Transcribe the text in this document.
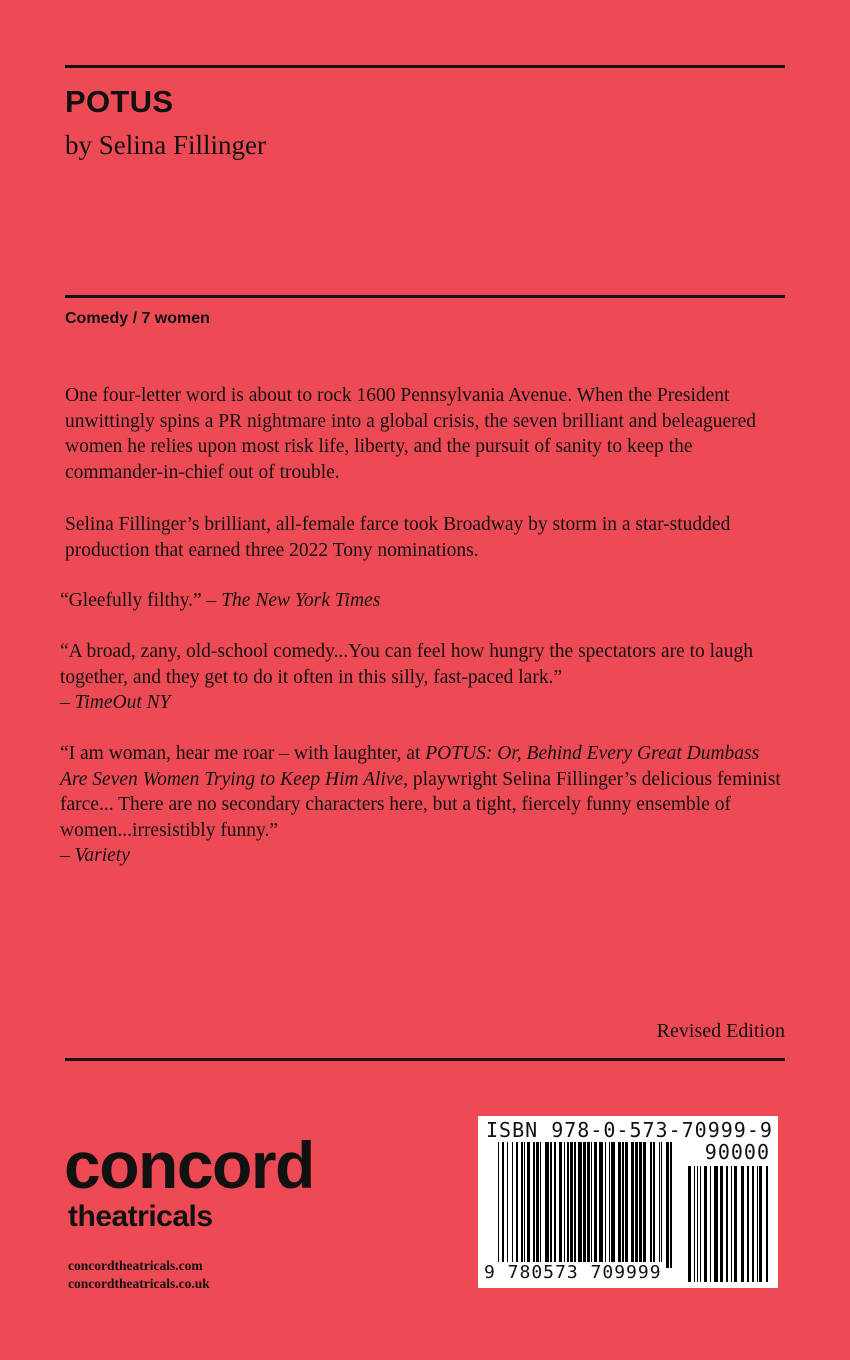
POTUS
by Selina Fillinger
Comedy / 7 women

One four-letter word is about to rock 1600 Pennsylvania Avenue. When the President unwittingly spins a PR nightmare into a global crisis, the seven brilliant and beleaguered women he relies upon most risk life, liberty, and the pursuit of sanity to keep the commander-in-chief out of trouble.

Selina Fillinger’s brilliant, all-female farce took Broadway by storm in a star-studded production that earned three 2022 Tony nominations.

“Gleefully filthy.” – The New York Times

“A broad, zany, old-school comedy...You can feel how hungry the spectators are to laugh together, and they get to do it often in this silly, fast-paced lark.”
– TimeOut NY

“I am woman, hear me roar – with laughter, at POTUS: Or, Behind Every Great Dumbass Are Seven Women Trying to Keep Him Alive, playwright Selina Fillinger’s delicious feminist farce... There are no secondary characters here, but a tight, fiercely funny ensemble of women...irresistibly funny.”
– Variety

Revised Edition
concord
theatricals
concordtheatricals.com
concordtheatricals.co.uk
ISBN 978-0-573-70999-9
90000
9 780573 709999
